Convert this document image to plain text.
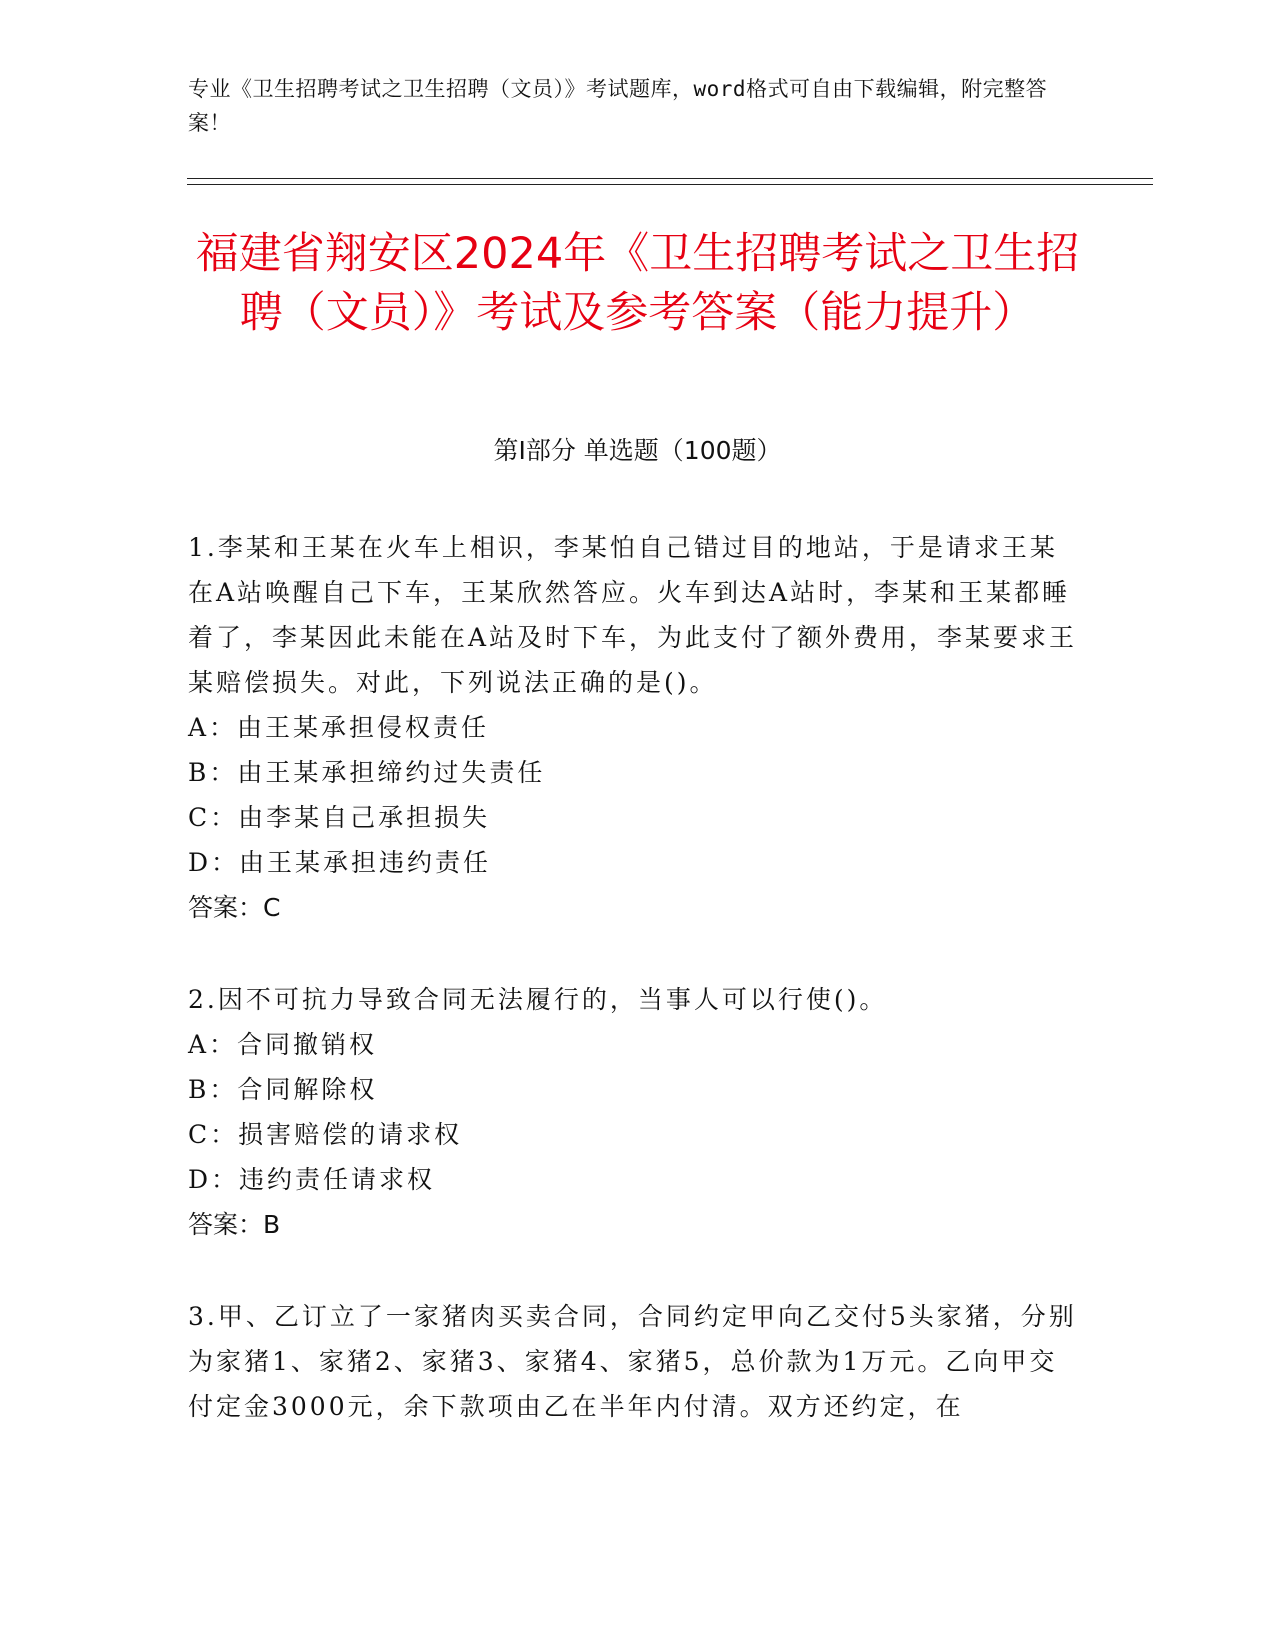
专业《卫生招聘考试之卫生招聘（文员）》考试题库，word格式可自由下载编辑，附完整答案！
福建省翔安区2024年《卫生招聘考试之卫生招聘（文员）》考试及参考答案（能力提升）
第I部分 单选题（100题）

1.李某和王某在火车上相识，李某怕自己错过目的地站，于是请求王某在A站唤醒自己下车，王某欣然答应。火车到达A站时，李某和王某都睡着了，李某因此未能在A站及时下车，为此支付了额外费用，李某要求王某赔偿损失。对此，下列说法正确的是()。

A：由王某承担侵权责任

B：由王某承担缔约过失责任

C：由李某自己承担损失

D：由王某承担违约责任

答案：C

2.因不可抗力导致合同无法履行的，当事人可以行使()。

A：合同撤销权

B：合同解除权

C：损害赔偿的请求权

D：违约责任请求权

答案：B

3.甲、乙订立了一家猪肉买卖合同，合同约定甲向乙交付5头家猪，分别为家猪1、家猪2、家猪3、家猪4、家猪5，总价款为1万元。乙向甲交付定金3000元，余下款项由乙在半年内付清。双方还约定，在
